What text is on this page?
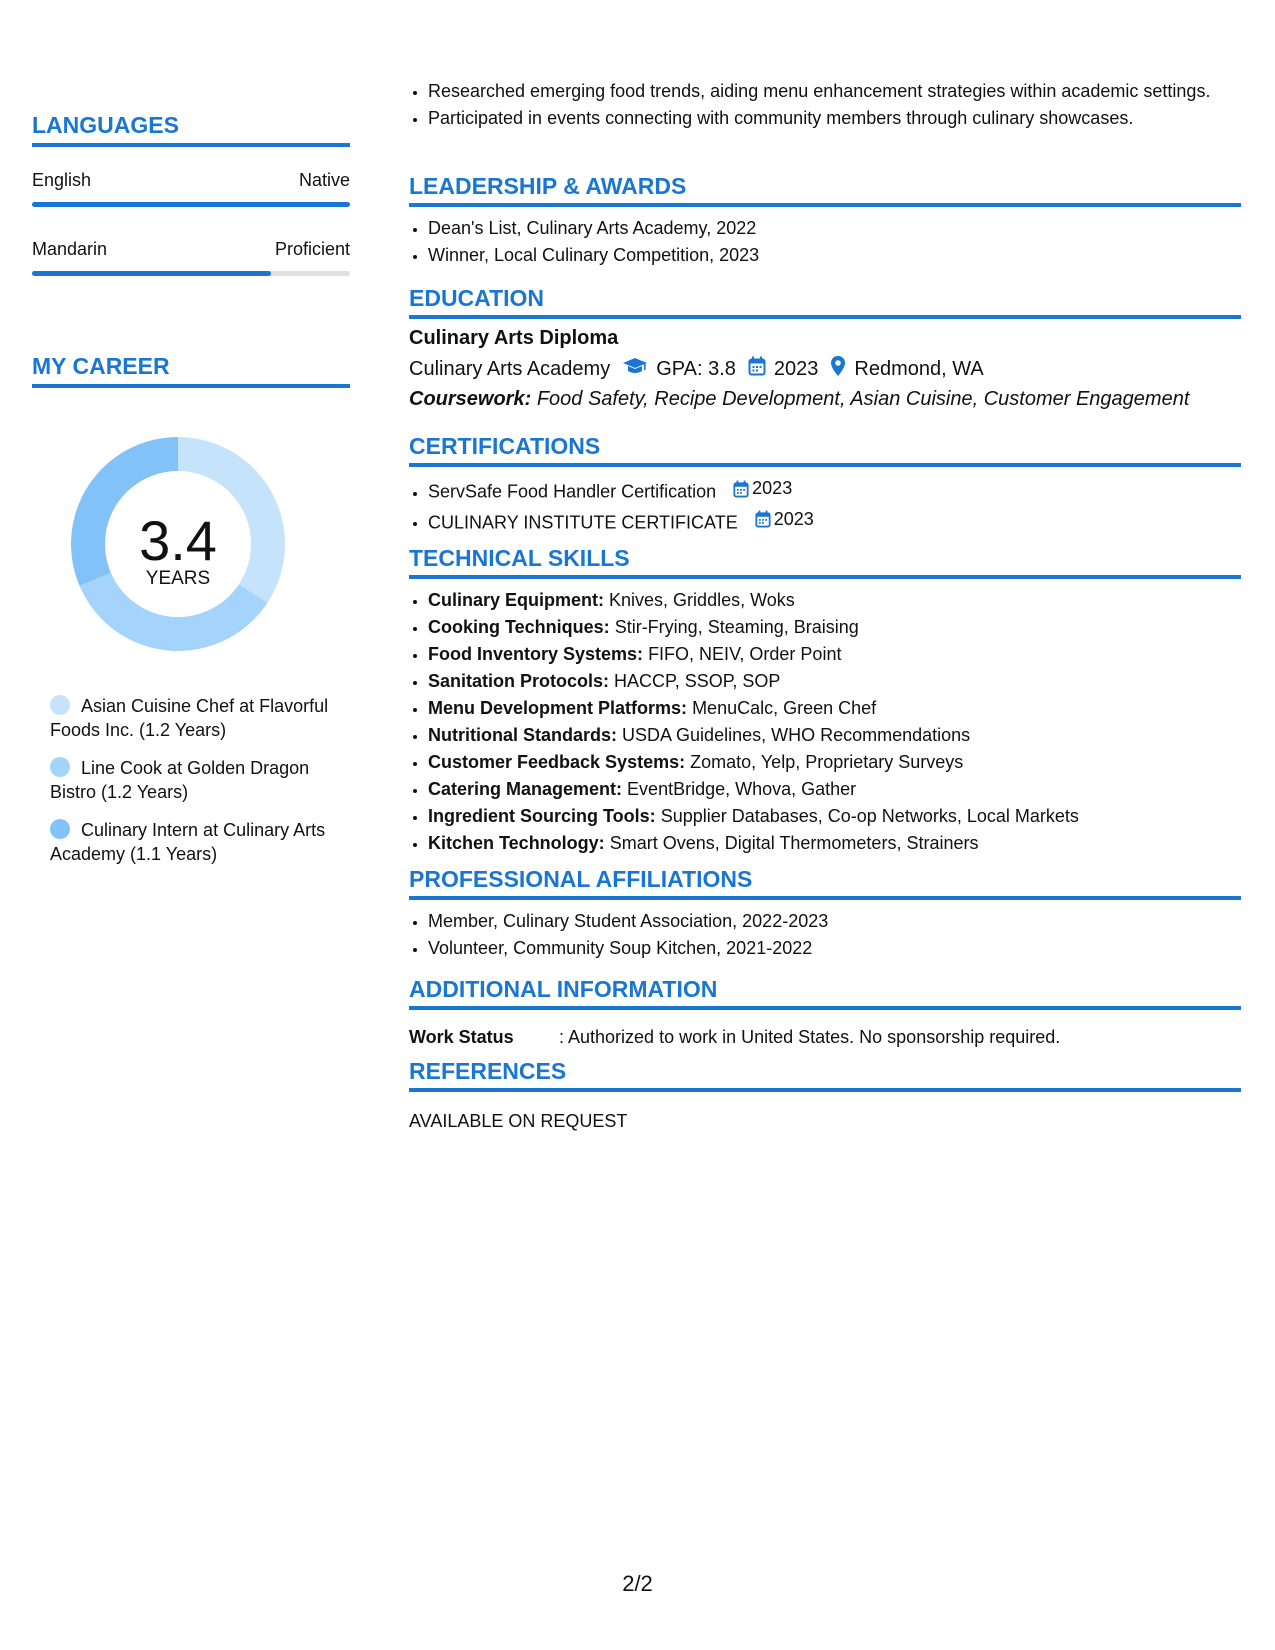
LANGUAGES
English	Native
Mandarin	Proficient
MY CAREER
3.4
YEARS
Asian Cuisine Chef at Flavorful Foods Inc. (1.2 Years)
Line Cook at Golden Dragon Bistro (1.2 Years)
Culinary Intern at Culinary Arts Academy (1.1 Years)
• Researched emerging food trends, aiding menu enhancement strategies within academic settings.
• Participated in events connecting with community members through culinary showcases.
LEADERSHIP & AWARDS
• Dean's List, Culinary Arts Academy, 2022
• Winner, Local Culinary Competition, 2023
EDUCATION
Culinary Arts Diploma
Culinary Arts Academy GPA: 3.8 2023 Redmond, WA
Coursework: Food Safety, Recipe Development, Asian Cuisine, Customer Engagement
CERTIFICATIONS
• ServSafe Food Handler Certification 2023
• CULINARY INSTITUTE CERTIFICATE 2023
TECHNICAL SKILLS
• Culinary Equipment: Knives, Griddles, Woks
• Cooking Techniques: Stir-Frying, Steaming, Braising
• Food Inventory Systems: FIFO, NEIV, Order Point
• Sanitation Protocols: HACCP, SSOP, SOP
• Menu Development Platforms: MenuCalc, Green Chef
• Nutritional Standards: USDA Guidelines, WHO Recommendations
• Customer Feedback Systems: Zomato, Yelp, Proprietary Surveys
• Catering Management: EventBridge, Whova, Gather
• Ingredient Sourcing Tools: Supplier Databases, Co-op Networks, Local Markets
• Kitchen Technology: Smart Ovens, Digital Thermometers, Strainers
PROFESSIONAL AFFILIATIONS
• Member, Culinary Student Association, 2022-2023
• Volunteer, Community Soup Kitchen, 2021-2022
ADDITIONAL INFORMATION
Work Status	: Authorized to work in United States. No sponsorship required.
REFERENCES
AVAILABLE ON REQUEST
2/2
